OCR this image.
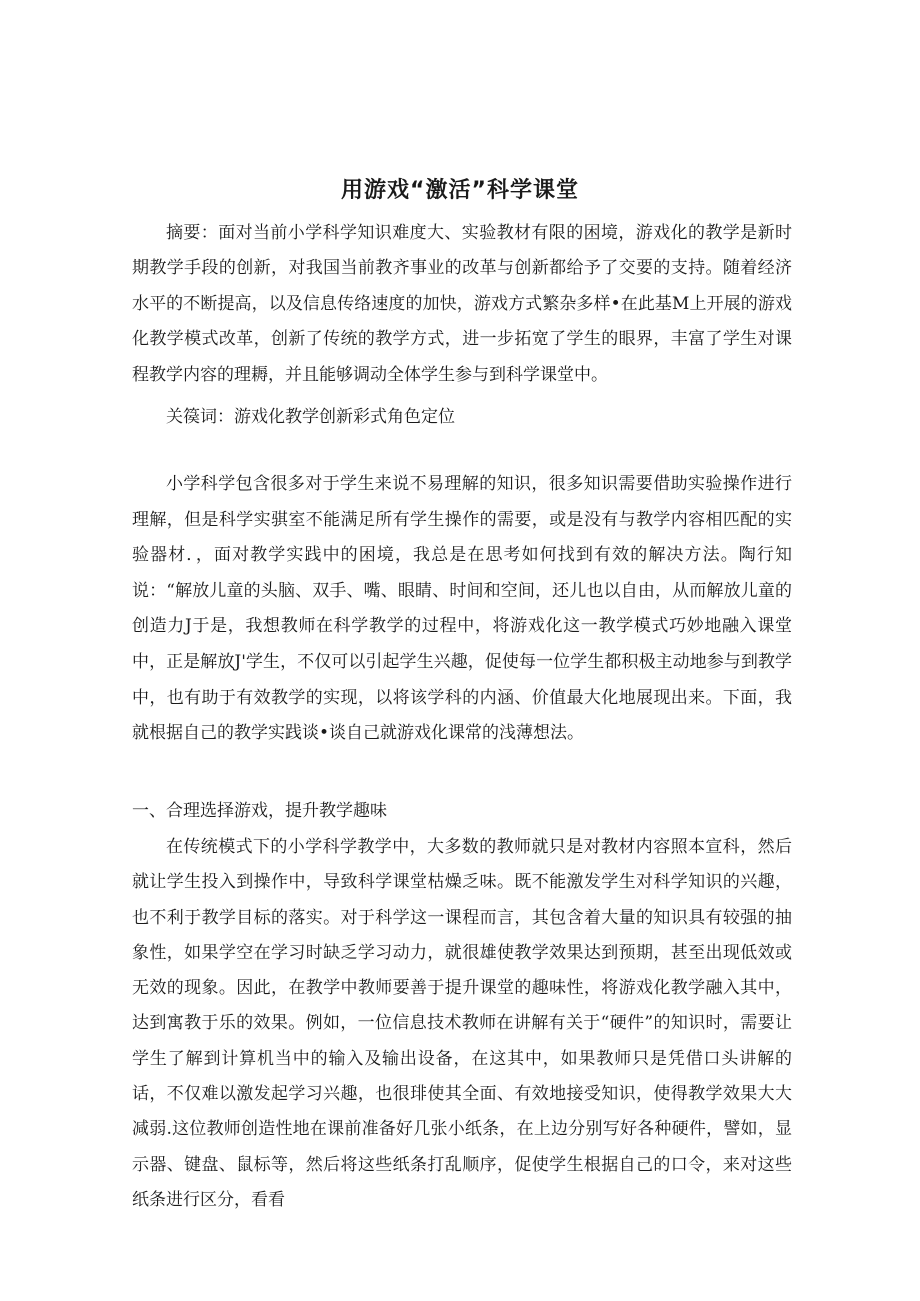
用游戏“激活”科学课堂
摘要：面对当前小学科学知识难度大、实验教材有限的困境，游戏化的教学是新时期教学手段的创新，对我国当前教齐事业的改革与创新都给予了交要的支持。随着经济水平的不断提高，以及信息传络速度的加快，游戏方式繁杂多样•在此基M上开展的游戏化教学模式改革，创新了传统的教学方式，进一步拓宽了学生的眼界，丰富了学生对课程教学内容的理耨，并且能够调动全体学生参与到科学课堂中。
关篌词：游戏化教学创新彩式角色定位
小学科学包含很多对于学生来说不易理解的知识，很多知识需要借助实验操作进行理解，但是科学实骐室不能满足所有学生操作的需要，或是没有与教学内容相匹配的实验器材．，面对教学实践中的困境，我总是在思考如何找到有效的解决方法。陶行知说：“解放儿童的头脑、双手、嘴、眼睛、时间和空间，还儿也以自由，从而解放儿童的创造力J于是，我想教师在科学教学的过程中，将游戏化这一教学模式巧妙地融入课堂中，正是解放J'学生，不仅可以引起学生兴趣，促使每一位学生都积极主动地参与到教学中，也有助于有效教学的实现，以将该学科的内涵、价值最大化地展现出来。下面，我就根据自己的教学实践谈•谈自己就游戏化课常的浅薄想法。
一、合理选择游戏，提升教学趣味
在传统模式下的小学科学教学中，大多数的教师就只是对教材内容照本宣科，然后就让学生投入到操作中，导致科学课堂枯燥乏味。既不能激发学生对科学知识的兴趣，也不利于教学目标的落实。对于科学这一课程而言，其包含着大量的知识具有较强的抽象性，如果学空在学习时缺乏学习动力，就很雄使教学效果达到预期，甚至出现低效或无效的现象。因此，在教学中教师要善于提升课堂的趣味性，将游戏化教学融入其中，达到寓教于乐的效果。例如，一位信息技术教师在讲解有关于“硬件”的知识时，需要让学生了解到计算机当中的输入及输出设备，在这其中，如果教师只是凭借口头讲解的话，不仅难以激发起学习兴趣，也很琲使其全面、有效地接受知识，使得教学效果大大减弱.这位教师创造性地在课前准备好几张小纸条，在上边分别写好各种硬件，譬如，显示器、键盘、鼠标等，然后将这些纸条打乱顺序，促使学生根据自己的口令，来对这些纸条进行区分，看看
